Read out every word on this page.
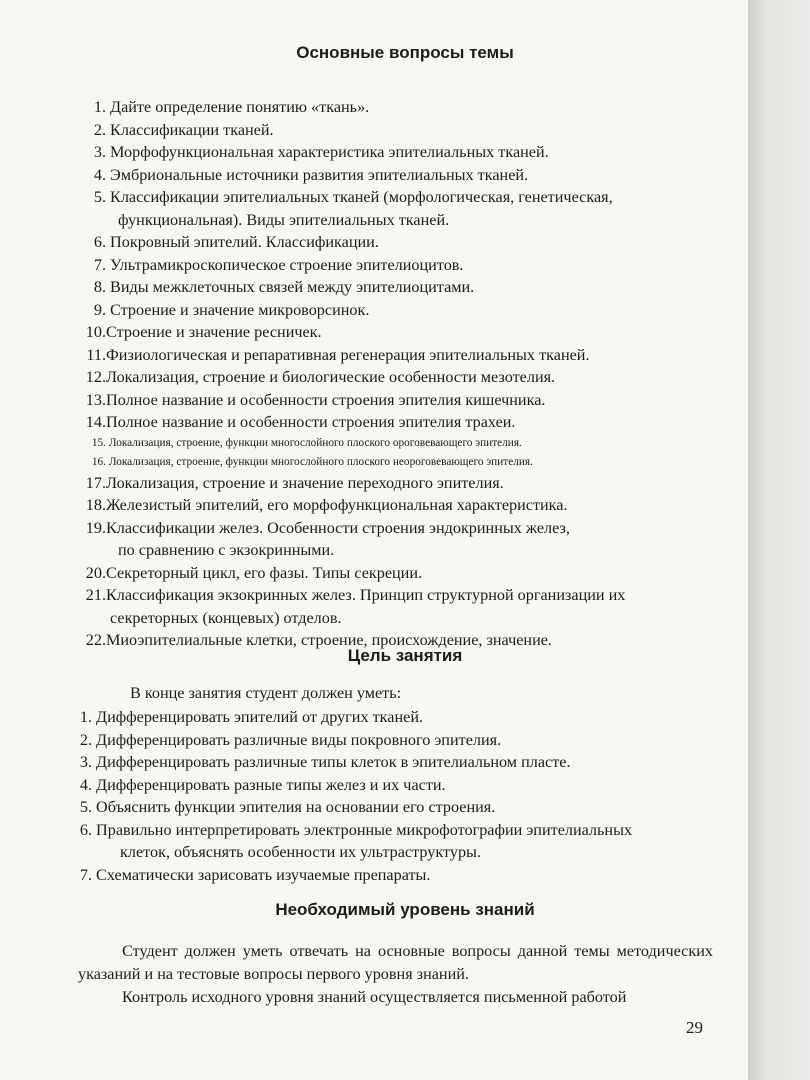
Основные вопросы темы
1. Дайте определение понятию «ткань».
2. Классификации тканей.
3. Морфофункциональная характеристика эпителиальных тканей.
4. Эмбриональные источники развития эпителиальных тканей.
5. Классификации эпителиальных тканей (морфологическая, генетическая,
функциональная). Виды эпителиальных тканей.
6. Покровный эпителий. Классификации.
7. Ультрамикроскопическое строение эпителиоцитов.
8. Виды межклеточных связей между эпителиоцитами.
9. Строение и значение микроворсинок.
10.Строение и значение ресничек.
11.Физиологическая и репаративная регенерация эпителиальных тканей.
12.Локализация, строение и биологические особенности мезотелия.
13.Полное название и особенности строения эпителия кишечника.
14.Полное название и особенности строения эпителия трахеи.
15. Локализация, строение, функции многослойного плоского ороговевающего эпителия.
16. Локализация, строение, функции многослойного плоского неороговевающего эпителия.
17.Локализация, строение и значение переходного эпителия.
18.Железистый эпителий, его морфофункциональная характеристика.
19.Классификации желез. Особенности строения эндокринных желез,
по сравнению с экзокринными.
20.Секреторный цикл, его фазы. Типы секреции.
21.Классификация экзокринных желез. Принцип структурной организации их
секреторных (концевых) отделов.
22.Миоэпителиальные клетки, строение, происхождение, значение.
Цель занятия
В конце занятия студент должен уметь:
1. Дифференцировать эпителий от других тканей.
2. Дифференцировать различные виды покровного эпителия.
3. Дифференцировать различные типы клеток в эпителиальном пласте.
4. Дифференцировать разные типы желез и их части.
5. Объяснить функции эпителия на основании его строения.
6. Правильно интерпретировать электронные микрофотографии эпителиальных
клеток, объяснять особенности их ультраструктуры.
7. Схематически зарисовать изучаемые препараты.
Необходимый уровень знаний

Студент должен уметь отвечать на основные вопросы данной темы методических указаний и на тестовые вопросы первого уровня знаний.

Контроль исходного уровня знаний осуществляется письменной работой

29
